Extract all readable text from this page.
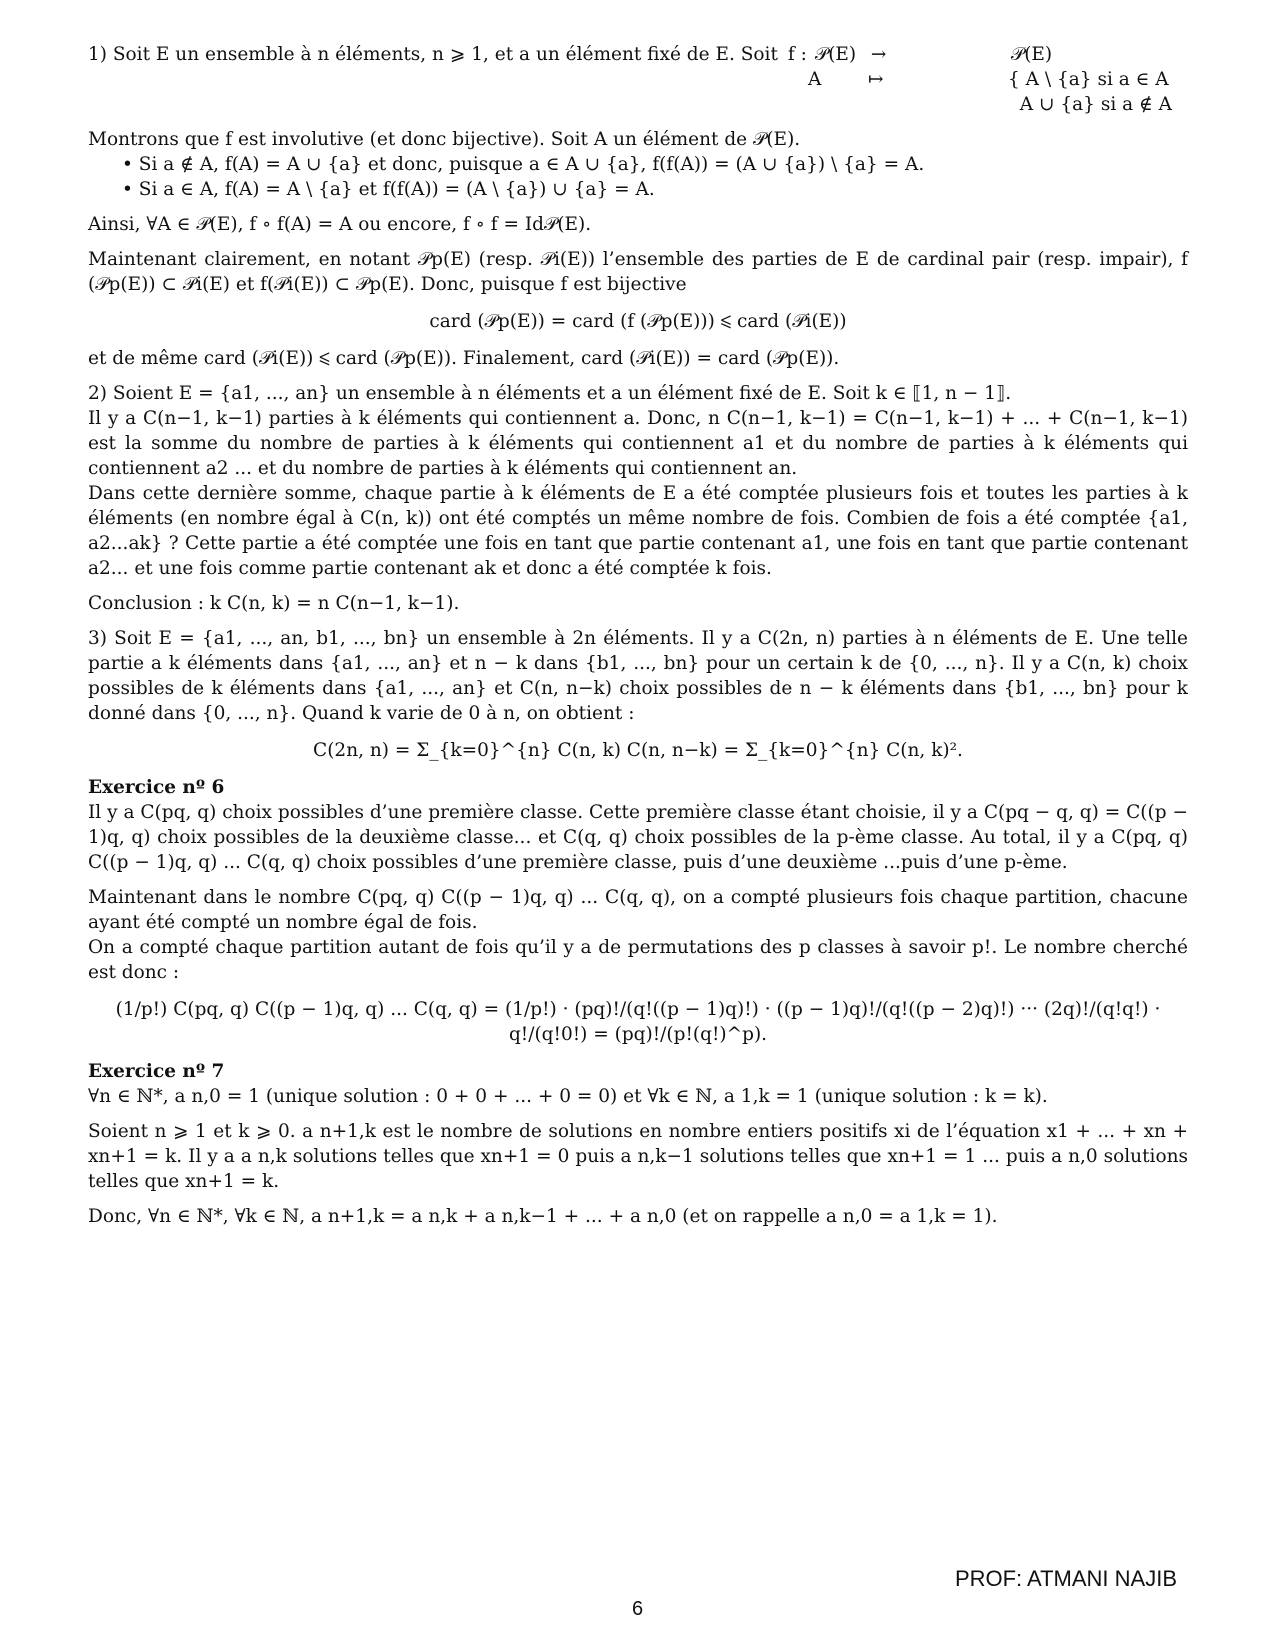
1) Soit E un ensemble à n éléments, n ⩾ 1, et a un élément fixé de E. Soit f : 𝒫(E) →	𝒫(E)
A	↦	{ A \ {a} si a ∈ A
A ∪ {a} si a ∉ A

Montrons que f est involutive (et donc bijective). Soit A un élément de 𝒫(E).

• Si a ∉ A, f(A) = A ∪ {a} et donc, puisque a ∈ A ∪ {a}, f(f(A)) = (A ∪ {a}) \ {a} = A.

• Si a ∈ A, f(A) = A \ {a} et f(f(A)) = (A \ {a}) ∪ {a} = A.

Ainsi, ∀A ∈ 𝒫(E), f ∘ f(A) = A ou encore, f ∘ f = Id𝒫(E).

Maintenant clairement, en notant 𝒫p(E) (resp. 𝒫i(E)) l’ensemble des parties de E de cardinal pair (resp. impair), f (𝒫p(E)) ⊂ 𝒫i(E) et f(𝒫i(E)) ⊂ 𝒫p(E). Donc, puisque f est bijective

card (𝒫p(E)) = card (f (𝒫p(E))) ⩽ card (𝒫i(E))

et de même card (𝒫i(E)) ⩽ card (𝒫p(E)). Finalement, card (𝒫i(E)) = card (𝒫p(E)).

2) Soient E = {a1, ..., an} un ensemble à n éléments et a un élément fixé de E. Soit k ∈ ⟦1, n − 1⟧.

Il y a C(n−1, k−1) parties à k éléments qui contiennent a. Donc, n C(n−1, k−1) = C(n−1, k−1) + ... + C(n−1, k−1) est la somme du nombre de parties à k éléments qui contiennent a1 et du nombre de parties à k éléments qui contiennent a2 ... et du nombre de parties à k éléments qui contiennent an.

Dans cette dernière somme, chaque partie à k éléments de E a été comptée plusieurs fois et toutes les parties à k éléments (en nombre égal à C(n, k)) ont été comptés un même nombre de fois. Combien de fois a été comptée {a1, a2...ak} ? Cette partie a été comptée une fois en tant que partie contenant a1, une fois en tant que partie contenant a2... et une fois comme partie contenant ak et donc a été comptée k fois.

Conclusion : k C(n, k) = n C(n−1, k−1).

3) Soit E = {a1, ..., an, b1, ..., bn} un ensemble à 2n éléments. Il y a C(2n, n) parties à n éléments de E. Une telle partie a k éléments dans {a1, ..., an} et n − k dans {b1, ..., bn} pour un certain k de {0, ..., n}. Il y a C(n, k) choix possibles de k éléments dans {a1, ..., an} et C(n, n−k) choix possibles de n − k éléments dans {b1, ..., bn} pour k donné dans {0, ..., n}. Quand k varie de 0 à n, on obtient :

C(2n, n) = Σ_{k=0}^{n} C(n, k) C(n, n−k) = Σ_{k=0}^{n} C(n, k)².

Exercice nº 6

Il y a C(pq, q) choix possibles d’une première classe. Cette première classe étant choisie, il y a C(pq − q, q) = C((p − 1)q, q) choix possibles de la deuxième classe... et C(q, q) choix possibles de la p-ème classe. Au total, il y a C(pq, q) C((p − 1)q, q) ... C(q, q) choix possibles d’une première classe, puis d’une deuxième ...puis d’une p-ème.

Maintenant dans le nombre C(pq, q) C((p − 1)q, q) ... C(q, q), on a compté plusieurs fois chaque partition, chacune ayant été compté un nombre égal de fois.

On a compté chaque partition autant de fois qu’il y a de permutations des p classes à savoir p!. Le nombre cherché est donc :

(1/p!) C(pq, q) C((p − 1)q, q) ... C(q, q) = (1/p!) · (pq)!/(q!((p − 1)q)!) · ((p − 1)q)!/(q!((p − 2)q)!) ··· (2q)!/(q!q!) · q!/(q!0!) = (pq)!/(p!(q!)^p).

Exercice nº 7

∀n ∈ ℕ*, a n,0 = 1 (unique solution : 0 + 0 + ... + 0 = 0) et ∀k ∈ ℕ, a 1,k = 1 (unique solution : k = k).

Soient n ⩾ 1 et k ⩾ 0. a n+1,k est le nombre de solutions en nombre entiers positifs xi de l’équation x1 + ... + xn + xn+1 = k. Il y a a n,k solutions telles que xn+1 = 0 puis a n,k−1 solutions telles que xn+1 = 1 ... puis a n,0 solutions telles que xn+1 = k.

Donc, ∀n ∈ ℕ*, ∀k ∈ ℕ, a n+1,k = a n,k + a n,k−1 + ... + a n,0 (et on rappelle a n,0 = a 1,k = 1).

PROF: ATMANI NAJIB
6
